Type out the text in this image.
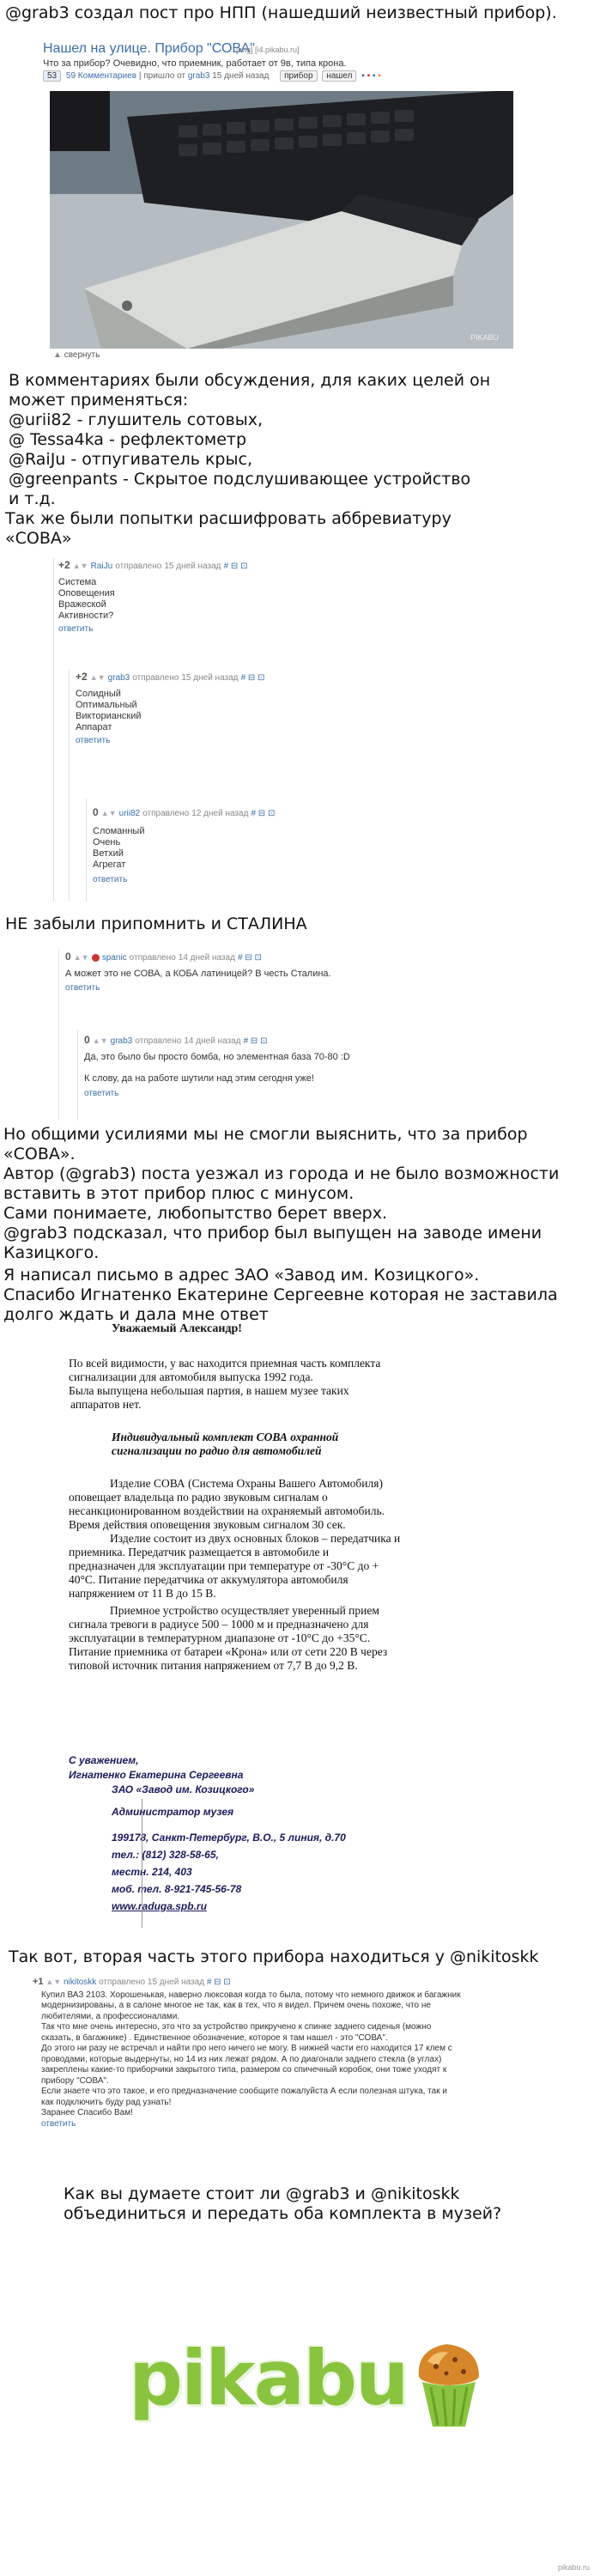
@grab3 создал пост про НПП (нашедший неизвестный прибор).
Нашел на улице. Прибор "СОВА"
[img] [i4.pikabu.ru]
Что за прибор? Очевидно, что приемник, работает от 9в, типа крона.
53 59 Комментариев | пришло от grab3 15 дней назад прибор нашел ▪ ▪ ▪ ▪
PIKABU
▲ свернуть
В комментариях были обсуждения, для каких целей он может применяться:
@urii82 - глушитель сотовых,
@ Tessa4ka - рефлектометр
@RaiJu - отпугиватель крыс,
@greenpants - Скрытое подслушивающее устройство
и т.д.
Так же были попытки расшифровать аббревиатуру «СОВА»
+2 ▲▼ RaiJu отправлено 15 дней назад # ⊟ ⊡
Система
Оповещения
Вражеской
Активности?
ответить
+2 ▲▼ grab3 отправлено 15 дней назад # ⊟ ⊡
Солидный
Оптимальный
Викторианский
Аппарат
ответить
0 ▲▼ urii82 отправлено 12 дней назад # ⊟ ⊡
Сломанный
Очень
Ветхий
Агрегат
ответить
НЕ забыли припомнить и СТАЛИНА
0 ▲▼ spanic отправлено 14 дней назад # ⊟ ⊡
А может это не СОВА, а КОБА латиницей? В честь Сталина.
ответить
0 ▲▼ grab3 отправлено 14 дней назад # ⊟ ⊡
Да, это было бы просто бомба, но элементная база 70-80 :D
К слову, да на работе шутили над этим сегодня уже!
ответить
Но общими усилиями мы не смогли выяснить, что за прибор «СОВА».
Автор (@grab3) поста уезжал из города и не было возможности
вставить в этот прибор плюс с минусом.
Сами понимаете, любопытство берет вверх.
@grab3 подсказал, что прибор был выпущен на заводе имени
Казицкого.
Я написал письмо в адрес ЗАО «Завод им. Козицкого».
Спасибо Игнатенко Екатерине Сергеевне которая не заставила
долго ждать и дала мне ответ
Уважаемый Александр!
По всей видимости, у вас находится приемная часть комплекта
сигнализации для автомобиля выпуска 1992 года.
Была выпущена небольшая партия, в нашем музее таких
аппаратов нет.
Индивидуальный комплект СОВА охранной
сигнализации по радио для автомобилей
Изделие СОВА (Система Охраны Вашего Автомобиля)
оповещает владельца по радио звуковым сигналам о
несанкционированном воздействии на охраняемый автомобиль.
Время действия оповещения звуковым сигналом 30 сек.
Изделие состоит из двух основных блоков – передатчика и
приемника. Передатчик размещается в автомобиле и
предназначен для эксплуатации при температуре от -30°C до +
40°C. Питание передатчика от аккумулятора автомобиля
напряжением от 11 В до 15 В.
Приемное устройство осуществляет уверенный прием
сигнала тревоги в радиусе 500 – 1000 м и предназначено для
эксплуатации в температурном диапазоне от -10°C до +35°C.
Питание приемника от батареи «Крона» или от сети 220 В через
типовой источник питания напряжением от 7,7 В до 9,2 В.
С уважением,
Игнатенко Екатерина Сергеевна
ЗАО «Завод им. Козицкого»
Администратор музея
199178, Санкт-Петербург, В.О., 5 линия, д.70
тел.: (812) 328-58-65,
местн. 214, 403
моб. тел. 8-921-745-56-78
www.raduga.spb.ru
Так вот, вторая часть этого прибора находиться у @nikitoskk
+1 ▲▼ nikitoskk отправлено 15 дней назад # ⊟ ⊡
Купил ВАЗ 2103. Хорошенькая, наверно люксовая когда то была, потому что немного движок и багажник
модернизированы, а в салоне многое не так, как в тех, что я видел. Причем очень похоже, что не
любителями, а профессионалами.
Так что мне очень интересно, это что за устройство прикручено к спинке заднего сиденья (можно
сказать, в багажнике) . Единственное обозначение, которое я там нашел - это "СОВА".
До этого ни разу не встречал и найти про него ничего не могу. В нижней части его находится 17 клем с
проводами, которые выдернуты, но 14 из них лежат рядом. А по диагонали заднего стекла (в углах)
закреплены какие-то приборчики закрытого типа, размером со спичечный коробок, они тоже уходят к
прибору "СОВА".
Если знаете что это такое, и его предназначение сообщите пожалуйста А если полезная штука, так и
как подключить буду рад узнать!
Заранее Спасибо Вам!
ответить
Как вы думаете стоит ли @grab3 и @nikitoskk
объединиться и передать оба комплекта в музей?
pikabu
pikabu.ru
